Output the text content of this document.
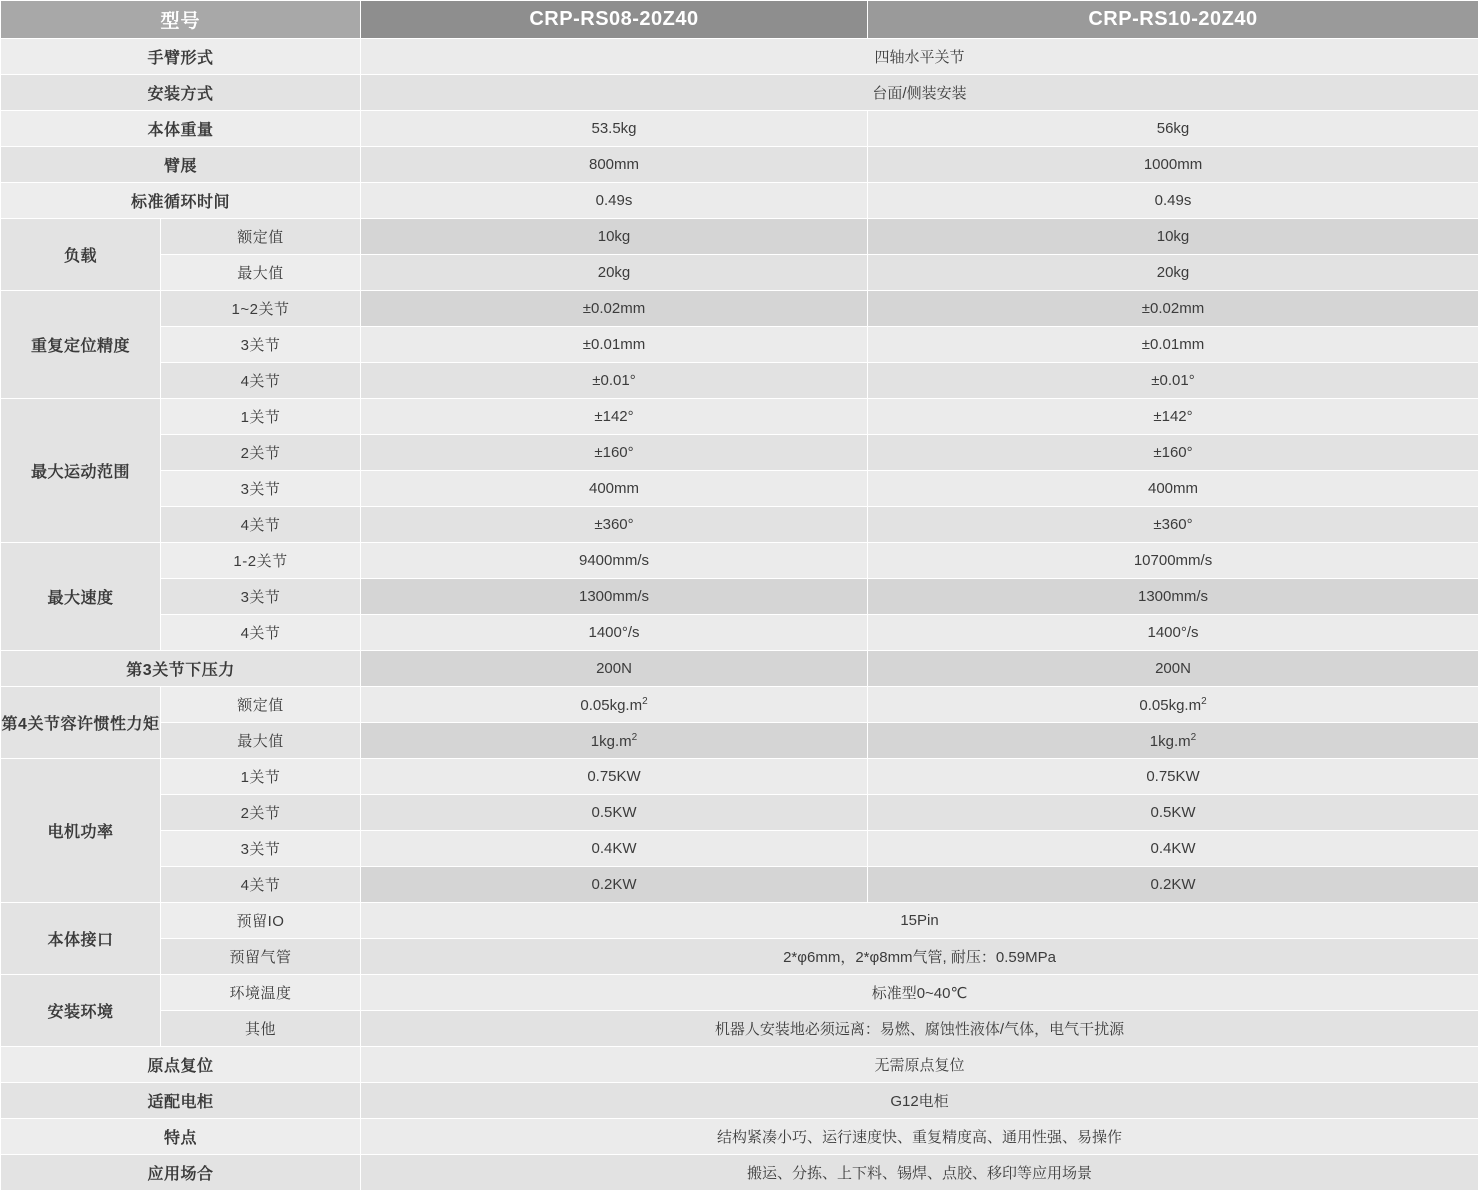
型号		CRP-RS08-20Z40	CRP-RS10-20Z40
手臂形式		四轴水平关节	
安装方式		台面/侧装安装	
本体重量		53.5kg	56kg
臂展		800mm	1000mm
标准循环时间		0.49s	0.49s
负载	额定值	10kg	10kg
	最大值	20kg	20kg
重复定位精度	1~2关节	±0.02mm	±0.02mm
	3关节	±0.01mm	±0.01mm
	4关节	±0.01°	±0.01°
最大运动范围	1关节	±142°	±142°
	2关节	±160°	±160°
	3关节	400mm	400mm
	4关节	±360°	±360°
最大速度	1-2关节	9400mm/s	10700mm/s
	3关节	1300mm/s	1300mm/s
	4关节	1400°/s	1400°/s
第3关节下压力		200N	200N
第4关节容许惯性力矩	额定值	$0.05kg.m^2$	$0.05kg.m^2$
	最大值	$1kg.m^2$	$1kg.m^2$
电机功率	1关节	0.75KW	0.75KW
	2关节	0.5KW	0.5KW
	3关节	0.4KW	0.4KW
	4关节	0.2KW	0.2KW
本体接口	预留IO	15Pin	
	预留气管	2*φ6mm，2*φ8mm气管, 耐压：0.59MPa	
安装环境	环境温度	标准型0~40℃	
	其他	机器人安装地必须远离：易燃、腐蚀性液体/气体，电气干扰源	
原点复位		无需原点复位	
适配电柜		G12电柜	
特点		结构紧凑小巧、运行速度快、重复精度高、通用性强、易操作	
应用场合		搬运、分拣、上下料、锡焊、点胶、移印等应用场景	
